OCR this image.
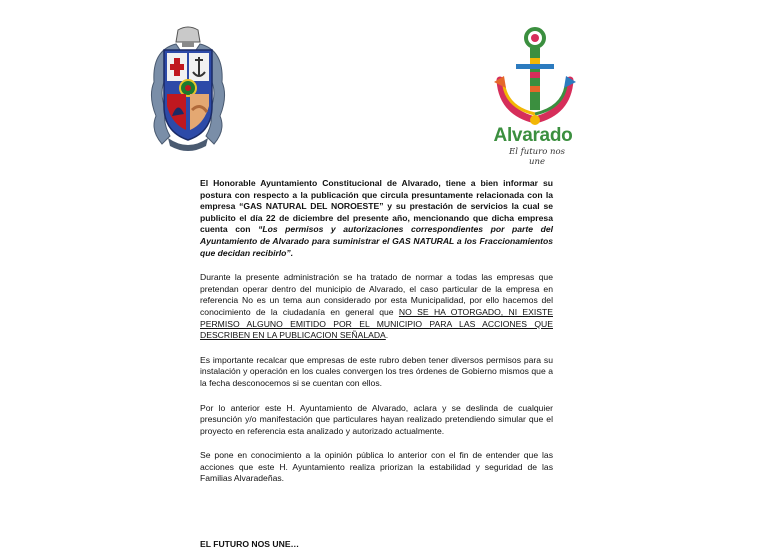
Alvarado
El futuro nos une

El Honorable Ayuntamiento Constitucional de Alvarado, tiene a bien informar su postura con respecto a la publicación que circula presuntamente relacionada con la empresa “GAS NATURAL DEL NOROESTE” y su prestación de servicios la cual se publicito el día 22 de diciembre del presente año, mencionando que dicha empresa cuenta con “Los permisos y autorizaciones correspondientes por parte del Ayuntamiento de Alvarado para suministrar el GAS NATURAL a los Fraccionamientos que decidan recibirlo”.

Durante la presente administración se ha tratado de normar a todas las empresas que pretendan operar dentro del municipio de Alvarado, el caso particular de la empresa en referencia No es un tema aun considerado por esta Municipalidad, por ello hacemos del conocimiento de la ciudadanía en general que NO SE HA OTORGADO, NI EXISTE PERMISO ALGUNO EMITIDO POR EL MUNICIPIO PARA LAS ACCIONES QUE DESCRIBEN EN LA PUBLICACION SEÑALADA.

Es importante recalcar que empresas de este rubro deben tener diversos permisos para su instalación y operación en los cuales convergen los tres órdenes de Gobierno mismos que a la fecha desconocemos si se cuentan con ellos.

Por lo anterior este H. Ayuntamiento de Alvarado, aclara y se deslinda de cualquier presunción y/o manifestación que particulares hayan realizado pretendiendo simular que el proyecto en referencia esta analizado y autorizado actualmente.

Se pone en conocimiento a la opinión pública lo anterior con el fin de entender que las acciones que este H. Ayuntamiento realiza priorizan la estabilidad y seguridad de las Familias Alvaradeñas.

EL FUTURO NOS UNE…
